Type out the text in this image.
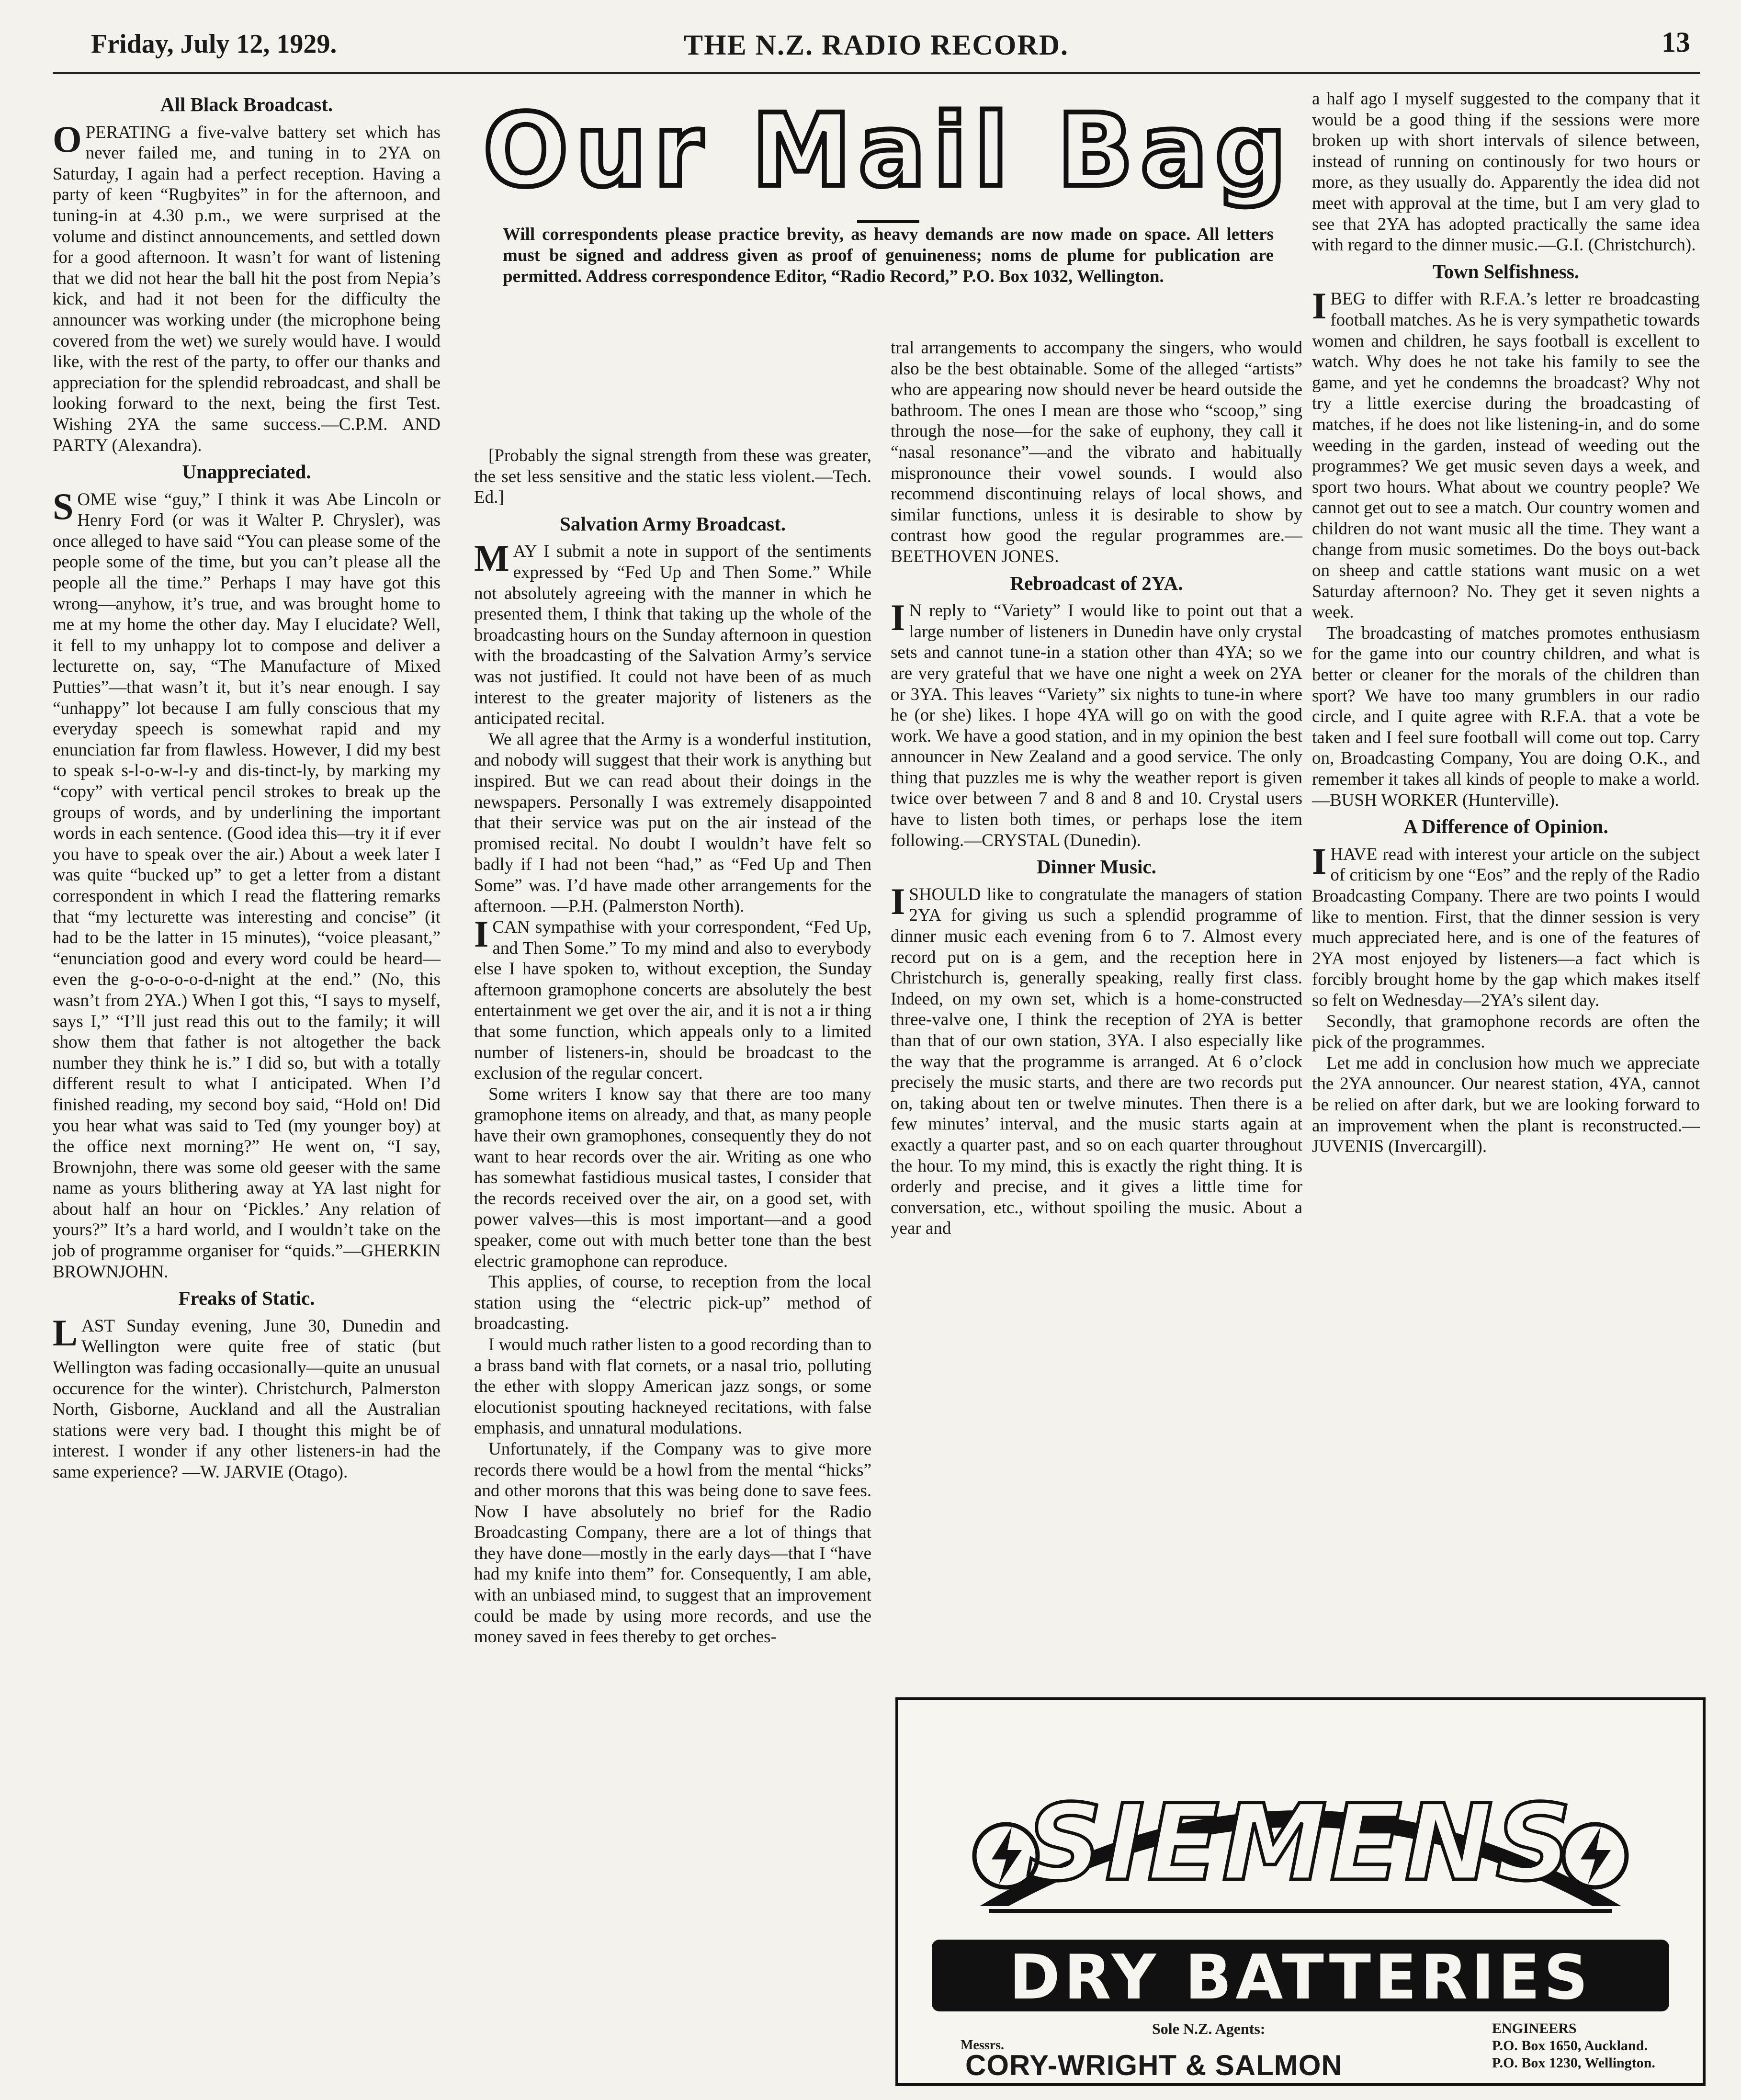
Friday, July 12, 1929.	THE N.Z. RADIO RECORD.	13
Our Mail Bag
Will correspondents please practice brevity, as heavy demands are now made on space. All letters must be signed and address given as proof of genuineness; noms de plume for publication are permitted. Address correspondence Editor, “Radio Record,” P.O. Box 1032, Wellington.
All Black Broadcast.

OPERATING a five-valve battery set which has never failed me, and tuning in to 2YA on Saturday, I again had a perfect reception. Having a party of keen “Rugbyites” in for the afternoon, and tuning-in at 4.30 p.m., we were surprised at the volume and distinct announcements, and settled down for a good afternoon. It wasn’t for want of listening that we did not hear the ball hit the post from Nepia’s kick, and had it not been for the difficulty the announcer was working under (the microphone being covered from the wet) we surely would have. I would like, with the rest of the party, to offer our thanks and appreciation for the splendid rebroadcast, and shall be looking forward to the next, being the first Test. Wishing 2YA the same success.—C.P.M. AND PARTY (Alexandra).

Unappreciated.

SOME wise “guy,” I think it was Abe Lincoln or Henry Ford (or was it Walter P. Chrysler), was once alleged to have said “You can please some of the people some of the time, but you can’t please all the people all the time.” Perhaps I may have got this wrong—anyhow, it’s true, and was brought home to me at my home the other day. May I elucidate? Well, it fell to my unhappy lot to compose and deliver a lecturette on, say, “The Manufacture of Mixed Putties”—that wasn’t it, but it’s near enough. I say “unhappy” lot because I am fully conscious that my everyday speech is somewhat rapid and my enunciation far from flawless. However, I did my best to speak s-l-o-w-l-y and dis-tinct-ly, by marking my “copy” with vertical pencil strokes to break up the groups of words, and by underlining the important words in each sentence. (Good idea this—try it if ever you have to speak over the air.) About a week later I was quite “bucked up” to get a letter from a distant correspondent in which I read the flattering remarks that “my lecturette was interesting and concise” (it had to be the latter in 15 minutes), “voice pleasant,” “enunciation good and every word could be heard—even the g-o-o-o-o-d-night at the end.” (No, this wasn’t from 2YA.) When I got this, “I says to myself, says I,” “I’ll just read this out to the family; it will show them that father is not altogether the back number they think he is.” I did so, but with a totally different result to what I anticipated. When I’d finished reading, my second boy said, “Hold on! Did you hear what was said to Ted (my younger boy) at the office next morning?” He went on, “I say, Brownjohn, there was some old geeser with the same name as yours blithering away at YA last night for about half an hour on ‘Pickles.’ Any relation of yours?” It’s a hard world, and I wouldn’t take on the job of programme organiser for “quids.”—GHERKIN BROWNJOHN.

Freaks of Static.

LAST Sunday evening, June 30, Dunedin and Wellington were quite free of static (but Wellington was fading occasionally—quite an unusual occurence for the winter). Christchurch, Palmerston North, Gisborne, Auckland and all the Australian stations were very bad. I thought this might be of interest. I wonder if any other listeners-in had the same experience? —W. JARVIE (Otago).

[Probably the signal strength from these was greater, the set less sensitive and the static less violent.—Tech. Ed.]

Salvation Army Broadcast.

MAY I submit a note in support of the sentiments expressed by “Fed Up and Then Some.” While not absolutely agreeing with the manner in which he presented them, I think that taking up the whole of the broadcasting hours on the Sunday afternoon in question with the broadcasting of the Salvation Army’s service was not justified. It could not have been of as much interest to the greater majority of listeners as the anticipated recital.

We all agree that the Army is a wonderful institution, and nobody will suggest that their work is anything but inspired. But we can read about their doings in the newspapers. Personally I was extremely disappointed that their service was put on the air instead of the promised recital. No doubt I wouldn’t have felt so badly if I had not been “had,” as “Fed Up and Then Some” was. I’d have made other arrangements for the afternoon. —P.H. (Palmerston North).

ICAN sympathise with your correspondent, “Fed Up, and Then Some.” To my mind and also to everybody else I have spoken to, without exception, the Sunday afternoon gramophone concerts are absolutely the best entertainment we get over the air, and it is not a ir thing that some function, which appeals only to a limited number of listeners-in, should be broadcast to the exclusion of the regular concert.

Some writers I know say that there are too many gramophone items on already, and that, as many people have their own gramophones, consequently they do not want to hear records over the air. Writing as one who has somewhat fastidious musical tastes, I consider that the records received over the air, on a good set, with power valves—this is most important—and a good speaker, come out with much better tone than the best electric gramophone can reproduce.

This applies, of course, to reception from the local station using the “electric pick-up” method of broadcasting.

I would much rather listen to a good recording than to a brass band with flat cornets, or a nasal trio, polluting the ether with sloppy American jazz songs, or some elocutionist spouting hackneyed recitations, with false emphasis, and unnatural modulations.

Unfortunately, if the Company was to give more records there would be a howl from the mental “hicks” and other morons that this was being done to save fees. Now I have absolutely no brief for the Radio Broadcasting Company, there are a lot of things that they have done—mostly in the early days—that I “have had my knife into them” for. Consequently, I am able, with an unbiased mind, to suggest that an improvement could be made by using more records, and use the money saved in fees thereby to get orches-

tral arrangements to accompany the singers, who would also be the best obtainable. Some of the alleged “artists” who are appearing now should never be heard outside the bathroom. The ones I mean are those who “scoop,” sing through the nose—for the sake of euphony, they call it “nasal resonance”—and the vibrato and habitually mispronounce their vowel sounds. I would also recommend discontinuing relays of local shows, and similar functions, unless it is desirable to show by contrast how good the regular programmes are.—BEETHOVEN JONES.

Rebroadcast of 2YA.

I N reply to “Variety” I would like to point out that a large number of listeners in Dunedin have only crystal sets and cannot tune-in a station other than 4YA; so we are very grateful that we have one night a week on 2YA or 3YA. This leaves “Variety” six nights to tune-in where he (or she) likes. I hope 4YA will go on with the good work. We have a good station, and in my opinion the best announcer in New Zealand and a good service. The only thing that puzzles me is why the weather report is given twice over between 7 and 8 and 8 and 10. Crystal users have to listen both times, or perhaps lose the item following.—CRYSTAL (Dunedin).

Dinner Music.

ISHOULD like to congratulate the managers of station 2YA for giving us such a splendid programme of dinner music each evening from 6 to 7. Almost every record put on is a gem, and the reception here in Christchurch is, generally speaking, really first class. Indeed, on my own set, which is a home-constructed three-valve one, I think the reception of 2YA is better than that of our own station, 3YA. I also especially like the way that the programme is arranged. At 6 o’clock precisely the music starts, and there are two records put on, taking about ten or twelve minutes. Then there is a few minutes’ interval, and the music starts again at exactly a quarter past, and so on each quarter throughout the hour. To my mind, this is exactly the right thing. It is orderly and precise, and it gives a little time for conversation, etc., without spoiling the music. About a year and

a half ago I myself suggested to the company that it would be a good thing if the sessions were more broken up with short intervals of silence between, instead of running on continously for two hours or more, as they usually do. Apparently the idea did not meet with approval at the time, but I am very glad to see that 2YA has adopted practically the same idea with regard to the dinner music.—G.I. (Christchurch).

Town Selfishness.

IBEG to differ with R.F.A.’s letter re broadcasting football matches. As he is very sympathetic towards women and children, he says football is excellent to watch. Why does he not take his family to see the game, and yet he condemns the broadcast? Why not try a little exercise during the broadcasting of matches, if he does not like listening-in, and do some weeding in the garden, instead of weeding out the programmes? We get music seven days a week, and sport two hours. What about we country people? We cannot get out to see a match. Our country women and children do not want music all the time. They want a change from music sometimes. Do the boys out-back on sheep and cattle stations want music on a wet Saturday afternoon? No. They get it seven nights a week.

The broadcasting of matches promotes enthusiasm for the game into our country children, and what is better or cleaner for the morals of the children than sport? We have too many grumblers in our radio circle, and I quite agree with R.F.A. that a vote be taken and I feel sure football will come out top. Carry on, Broadcasting Company, You are doing O.K., and remember it takes all kinds of people to make a world.—BUSH WORKER (Hunterville).

A Difference of Opinion.

IHAVE read with interest your article on the subject of criticism by one “Eos” and the reply of the Radio Broadcasting Company. There are two points I would like to mention. First, that the dinner session is very much appreciated here, and is one of the features of 2YA most enjoyed by listeners—a fact which is forcibly brought home by the gap which makes itself so felt on Wednesday—2YA’s silent day.

Secondly, that gramophone records are often the pick of the programmes.

Let me add in conclusion how much we appreciate the 2YA announcer. Our nearest station, 4YA, cannot be relied on after dark, but we are looking forward to an improvement when the plant is reconstructed.—JUVENIS (Invercargill).

SIEMENS
DRY BATTERIES
Sole N.Z. Agents:
Messrs.
CORY-WRIGHT & SALMON
ENGINEERS
P.O. Box 1650, Auckland.
P.O. Box 1230, Wellington.
